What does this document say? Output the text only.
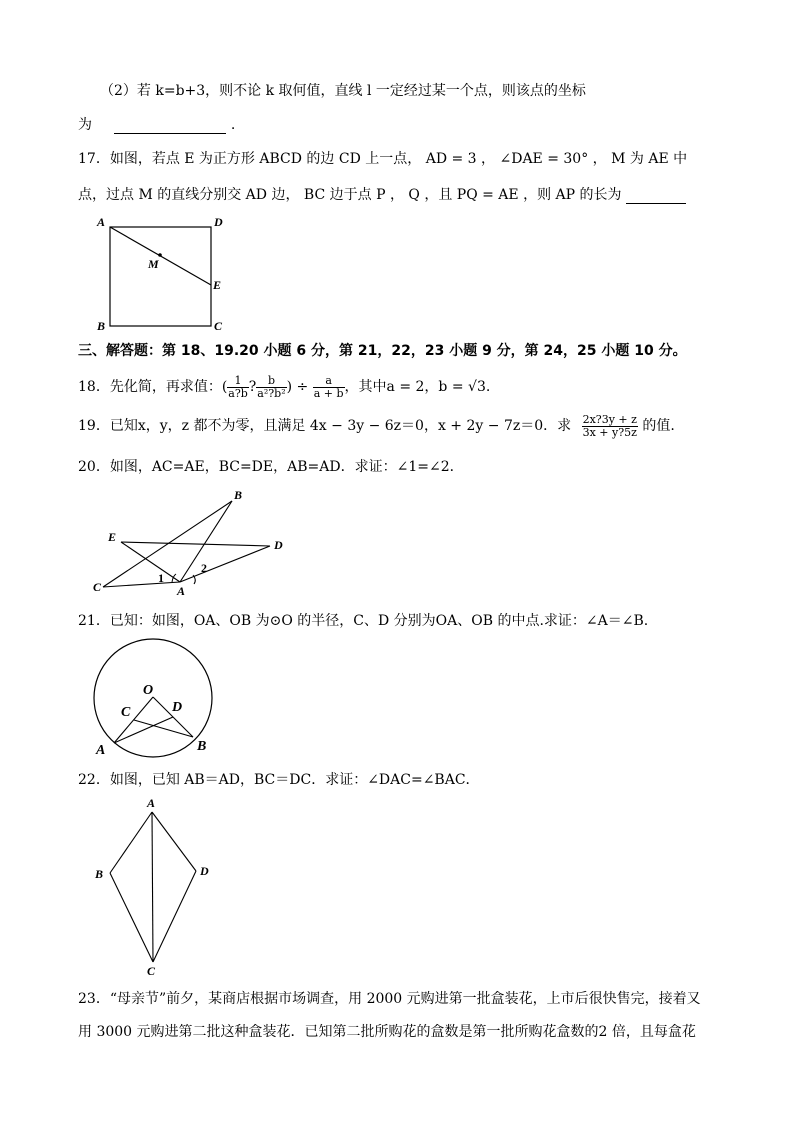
（2）若 k=b+3，则不论 k 取何值，直线 l 一定经过某一个点，则该点的坐标
为	.
17．如图，若点 E 为正方形 ABCD 的边 CD 上一点， AD = 3 ， ∠DAE = 30° ， M 为 AE 中
点，过点 M 的直线分别交 AD 边， BC 边于点 P ， Q ，且 PQ = AE ，则 AP 的长为
A	D
M
E
B	C
三、解答题：第 18、19.20 小题 6 分，第 21，22，23 小题 9 分，第 24，25 小题 10 分。
18．先化简，再求值：( $\frac{1}{a?b}$ ? $\frac{b}{\text{a²?b²}}$ ) ÷ $\frac{a}{a + b}$ ，其中a = 2，b = √3.
19．已知x，y，z 都不为零，且满足 4x − 3y − 6z＝0，x + 2y − 7z＝0．求 $\frac{2x?3y + z}{3x + y?5z}$ 的值.
20．如图，AC=AE，BC=DE，AB=AD．求证：∠1=∠2．
B
E
D
C	A
1
2
21．已知：如图，OA、OB 为⊙O 的半径，C、D 分别为OA、OB 的中点.求证：∠A＝∠B.
O
C	D
A	B
22．如图，已知 AB＝AD，BC＝DC．求证：∠DAC=∠BAC．
A
B	D
C
23．“母亲节”前夕，某商店根据市场调查，用 2000 元购进第一批盒装花，上市后很快售完，接着又
用 3000 元购进第二批这种盒装花．已知第二批所购花的盒数是第一批所购花盒数的2 倍，且每盒花
